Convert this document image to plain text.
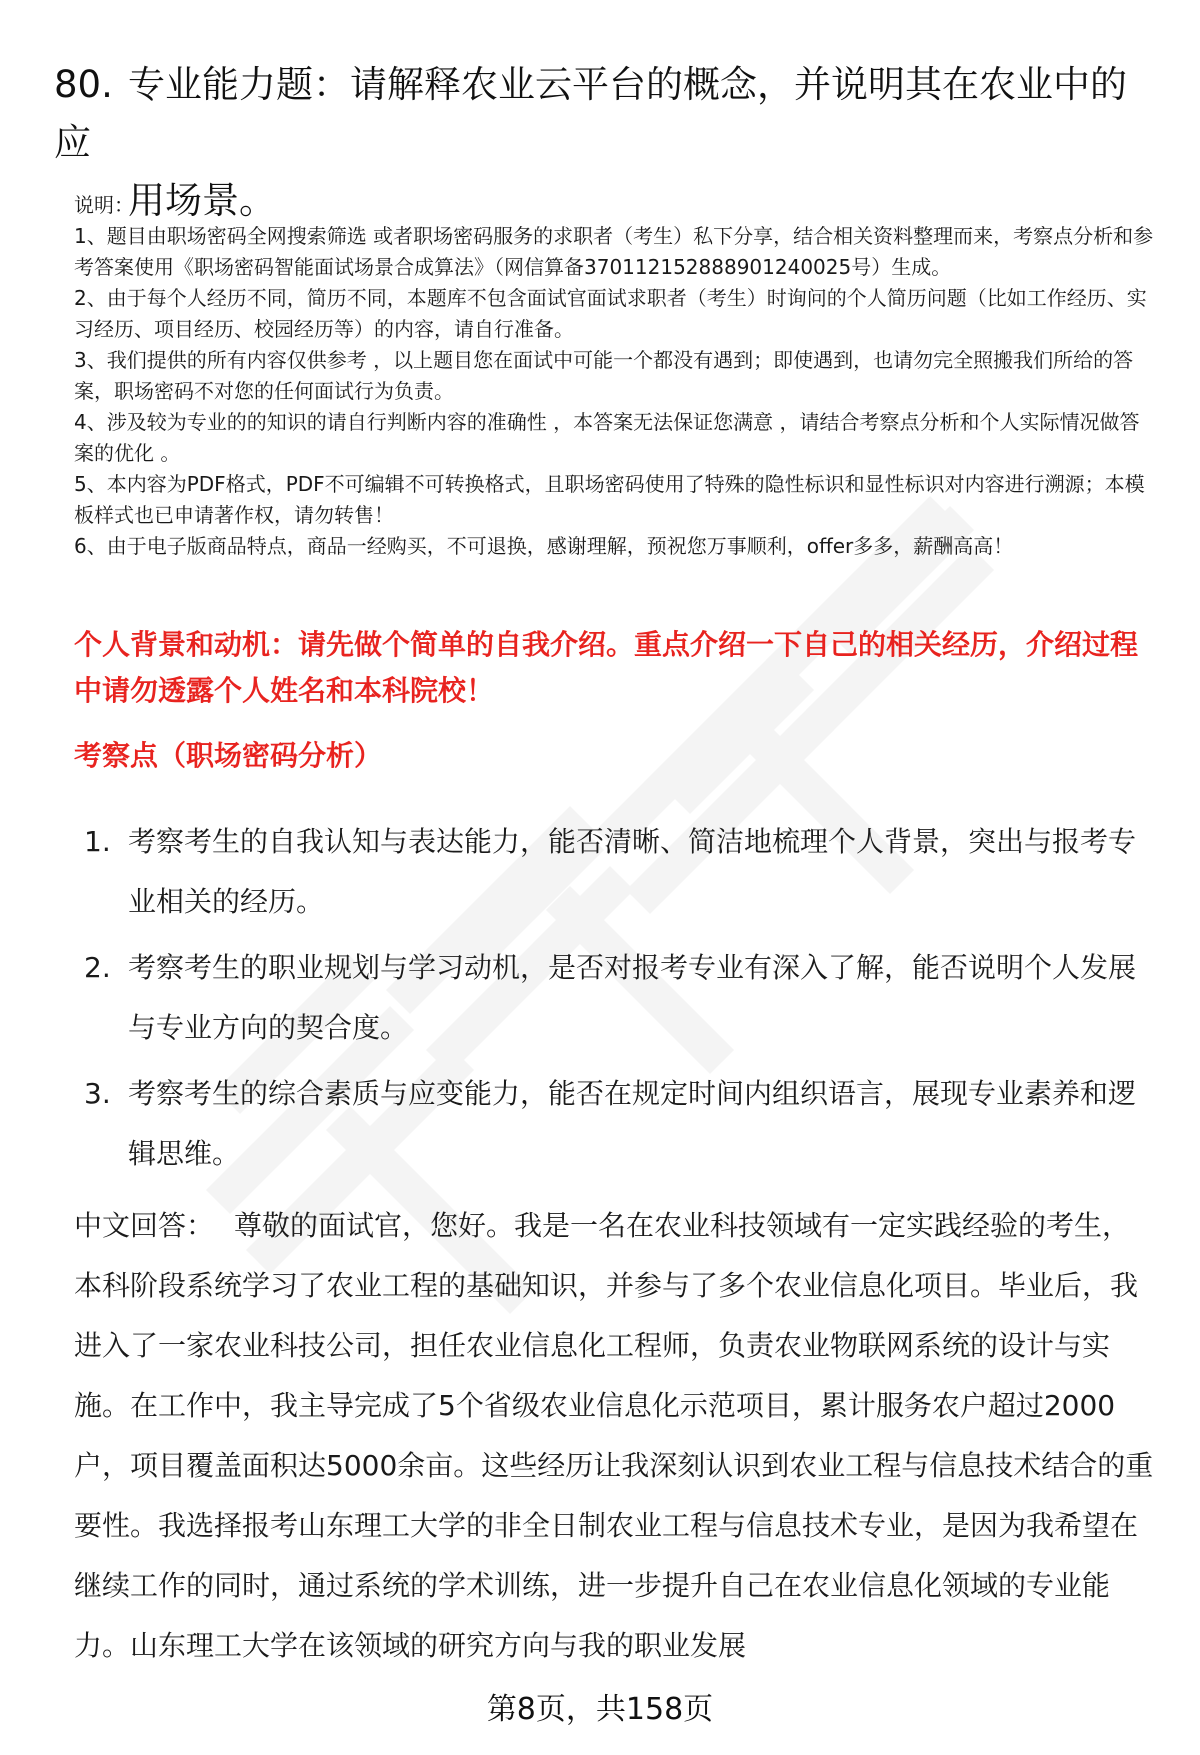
80. 专业能力题：请解释农业云平台的概念，并说明其在农业中的应
用场景。

说明：

1、题目由职场密码全网搜索筛选 或者职场密码服务的求职者（考生）私下分享，结合相关资料整理而来，考察点分析和参考答案使用《职场密码智能面试场景合成算法》（网信算备370112152888901240025号）生成。

2、由于每个人经历不同，简历不同，本题库不包含面试官面试求职者（考生）时询问的个人简历问题（比如工作经历、实习经历、项目经历、校园经历等）的内容，请自行准备。

3、我们提供的所有内容仅供参考 ，以上题目您在面试中可能一个都没有遇到；即使遇到，也请勿完全照搬我们所给的答案，职场密码不对您的任何面试行为负责。

4、涉及较为专业的的知识的请自行判断内容的准确性 ，本答案无法保证您满意 ，请结合考察点分析和个人实际情况做答案的优化 。

5、本内容为PDF格式，PDF不可编辑不可转换格式，且职场密码使用了特殊的隐性标识和显性标识对内容进行溯源；本模板样式也已申请著作权，请勿转售！

6、由于电子版商品特点，商品一经购买，不可退换，感谢理解，预祝您万事顺利，offer多多，薪酬高高！

个人背景和动机：请先做个简单的自我介绍。重点介绍一下自己的相关经历，介绍过程中请勿透露个人姓名和本科院校！
考察点（职场密码分析）
1. 考察考生的自我认知与表达能力，能否清晰、简洁地梳理个人背景，突出与报考专业相关的经历。
2. 考察考生的职业规划与学习动机，是否对报考专业有深入了解，能否说明个人发展与专业方向的契合度。
3. 考察考生的综合素质与应变能力，能否在规定时间内组织语言，展现专业素养和逻辑思维。
中文回答： 尊敬的面试官，您好。我是一名在农业科技领域有一定实践经验的考生，本科阶段系统学习了农业工程的基础知识，并参与了多个农业信息化项目。毕业后，我进入了一家农业科技公司，担任农业信息化工程师，负责农业物联网系统的设计与实施。在工作中，我主导完成了5个省级农业信息化示范项目，累计服务农户超过2000户，项目覆盖面积达5000余亩。这些经历让我深刻认识到农业工程与信息技术结合的重要性。我选择报考山东理工大学的非全日制农业工程与信息技术专业，是因为我希望在继续工作的同时，通过系统的学术训练，进一步提升自己在农业信息化领域的专业能力。山东理工大学在该领域的研究方向与我的职业发展
第8页，共158页
